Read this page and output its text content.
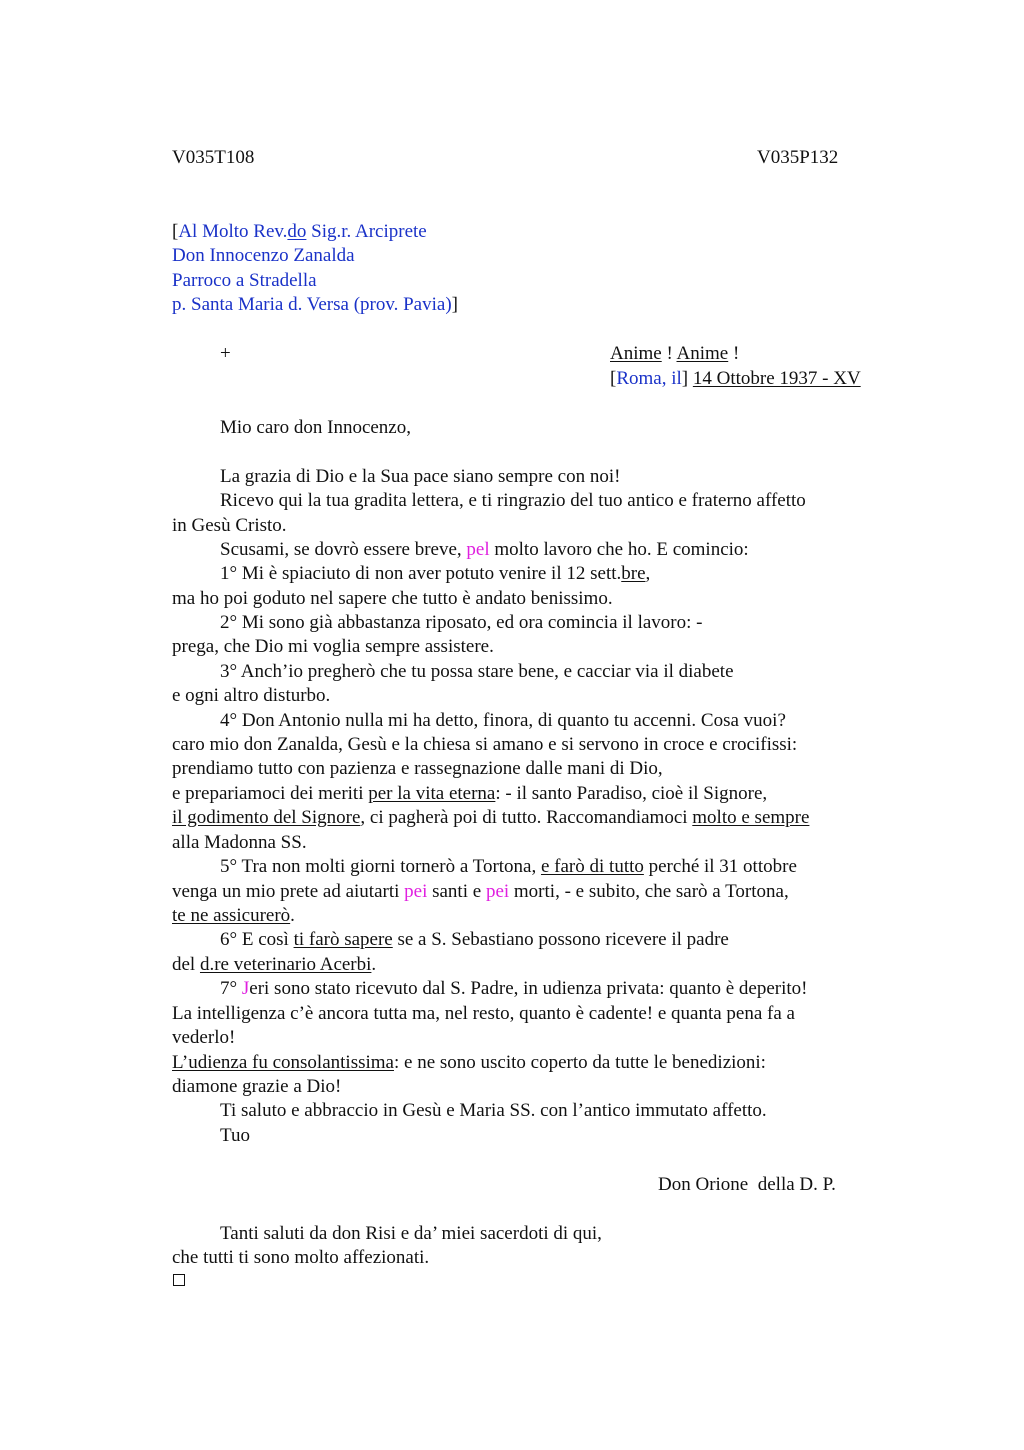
V035T108	V035P132
[Al Molto Rev.do Sig.r. Arciprete
Don Innocenzo Zanalda
Parroco a Stradella
p. Santa Maria d. Versa (prov. Pavia)]
+	Anime ! Anime !
[Roma, il] 14 Ottobre 1937 - XV
Mio caro don Innocenzo,
La grazia di Dio e la Sua pace siano sempre con noi!
Ricevo qui la tua gradita lettera, e ti ringrazio del tuo antico e fraterno affetto
in Gesù Cristo.
Scusami, se dovrò essere breve, pel molto lavoro che ho. E comincio:
1° Mi è spiaciuto di non aver potuto venire il 12 sett.bre,
ma ho poi goduto nel sapere che tutto è andato benissimo.
2° Mi sono già abbastanza riposato, ed ora comincia il lavoro: -
prega, che Dio mi voglia sempre assistere.
3° Anch’io pregherò che tu possa stare bene, e cacciar via il diabete
e ogni altro disturbo.
4° Don Antonio nulla mi ha detto, finora, di quanto tu accenni. Cosa vuoi?
caro mio don Zanalda, Gesù e la chiesa si amano e si servono in croce e crocifissi:
prendiamo tutto con pazienza e rassegnazione dalle mani di Dio,
e prepariamoci dei meriti per la vita eterna: - il santo Paradiso, cioè il Signore,
il godimento del Signore, ci pagherà poi di tutto. Raccomandiamoci molto e sempre
alla Madonna SS.
5° Tra non molti giorni tornerò a Tortona, e farò di tutto perché il 31 ottobre
venga un mio prete ad aiutarti pei santi e pei morti, - e subito, che sarò a Tortona,
te ne assicurerò.
6° E così ti farò sapere se a S. Sebastiano possono ricevere il padre
del d.re veterinario Acerbi.
7° Jeri sono stato ricevuto dal S. Padre, in udienza privata: quanto è deperito!
La intelligenza c’è ancora tutta ma, nel resto, quanto è cadente! e quanta pena fa a
vederlo!
L’udienza fu consolantissima: e ne sono uscito coperto da tutte le benedizioni:
diamone grazie a Dio!
Ti saluto e abbraccio in Gesù e Maria SS. con l’antico immutato affetto.
Tuo
Don Orione  della D. P.
Tanti saluti da don Risi e da’ miei sacerdoti di qui,
che tutti ti sono molto affezionati.
